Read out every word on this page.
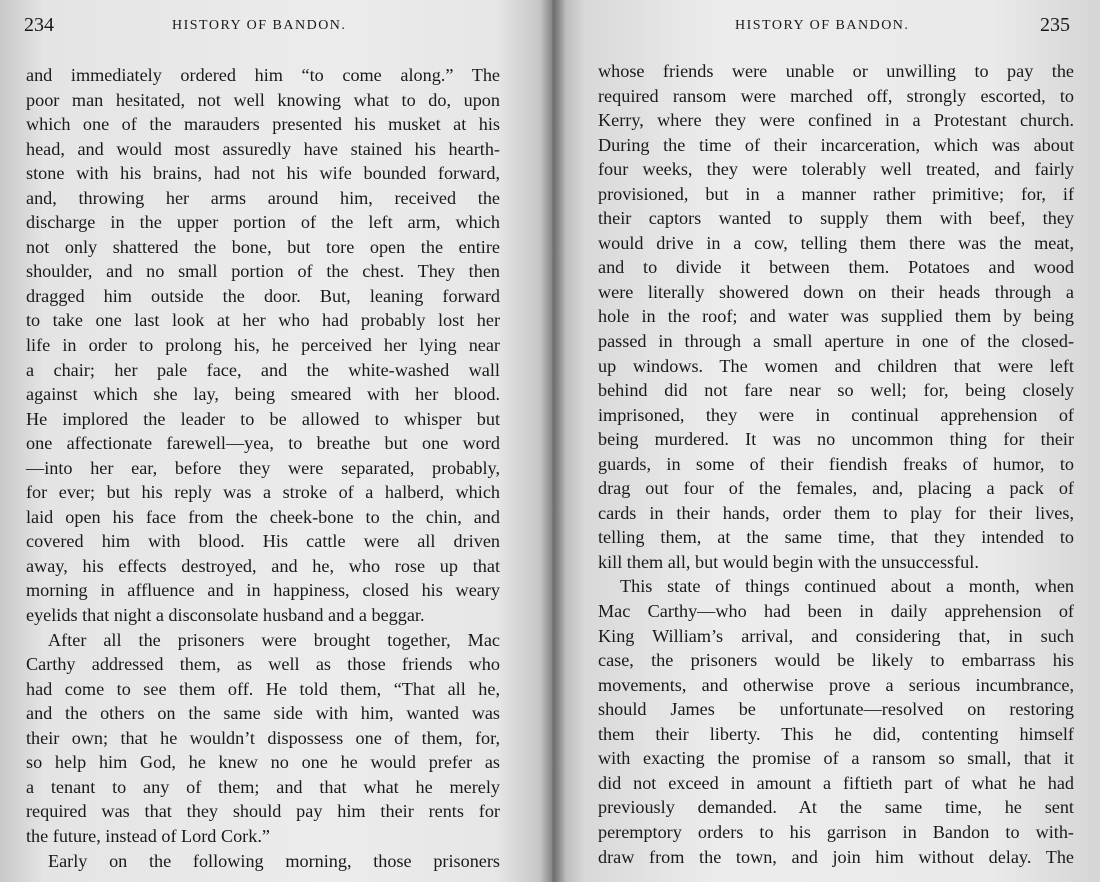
234	HISTORY OF BANDON.
and immediately ordered him “to come along.” The
poor man hesitated, not well knowing what to do, upon
which one of the marauders presented his musket at his
head, and would most assuredly have stained his hearth-
stone with his brains, had not his wife bounded forward,
and, throwing her arms around him, received the
discharge in the upper portion of the left arm, which
not only shattered the bone, but tore open the entire
shoulder, and no small portion of the chest. They then
dragged him outside the door. But, leaning forward
to take one last look at her who had probably lost her
life in order to prolong his, he perceived her lying near
a chair; her pale face, and the white-washed wall
against which she lay, being smeared with her blood.
He implored the leader to be allowed to whisper but
one affectionate farewell—yea, to breathe but one word
—into her ear, before they were separated, probably,
for ever; but his reply was a stroke of a halberd, which
laid open his face from the cheek-bone to the chin, and
covered him with blood. His cattle were all driven
away, his effects destroyed, and he, who rose up that
morning in affluence and in happiness, closed his weary
eyelids that night a disconsolate husband and a beggar.
After all the prisoners were brought together, Mac
Carthy addressed them, as well as those friends who
had come to see them off. He told them, “That all he,
and the others on the same side with him, wanted was
their own; that he wouldn’t dispossess one of them, for,
so help him God, he knew no one he would prefer as
a tenant to any of them; and that what he merely
required was that they should pay him their rents for
the future, instead of Lord Cork.”
Early on the following morning, those prisoners
HISTORY OF BANDON.	235
whose friends were unable or unwilling to pay the
required ransom were marched off, strongly escorted, to
Kerry, where they were confined in a Protestant church.
During the time of their incarceration, which was about
four weeks, they were tolerably well treated, and fairly
provisioned, but in a manner rather primitive; for, if
their captors wanted to supply them with beef, they
would drive in a cow, telling them there was the meat,
and to divide it between them. Potatoes and wood
were literally showered down on their heads through a
hole in the roof; and water was supplied them by being
passed in through a small aperture in one of the closed-
up windows. The women and children that were left
behind did not fare near so well; for, being closely
imprisoned, they were in continual apprehension of
being murdered. It was no uncommon thing for their
guards, in some of their fiendish freaks of humor, to
drag out four of the females, and, placing a pack of
cards in their hands, order them to play for their lives,
telling them, at the same time, that they intended to
kill them all, but would begin with the unsuccessful.
This state of things continued about a month, when
Mac Carthy—who had been in daily apprehension of
King William’s arrival, and considering that, in such
case, the prisoners would be likely to embarrass his
movements, and otherwise prove a serious incumbrance,
should James be unfortunate—resolved on restoring
them their liberty. This he did, contenting himself
with exacting the promise of a ransom so small, that it
did not exceed in amount a fiftieth part of what he had
previously demanded. At the same time, he sent
peremptory orders to his garrison in Bandon to with-
draw from the town, and join him without delay. The
